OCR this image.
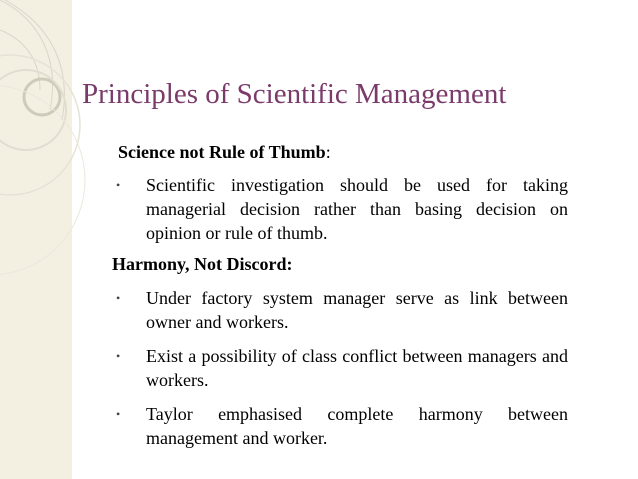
Principles of Scientific Management

Science not Rule of Thumb:

• Scientific investigation should be used for taking managerial decision rather than basing decision on opinion or rule of thumb.

Harmony, Not Discord:

• Under factory system manager serve as link between owner and workers.

• Exist a possibility of class conflict between managers and workers.

• Taylor emphasised complete harmony between management and worker.
